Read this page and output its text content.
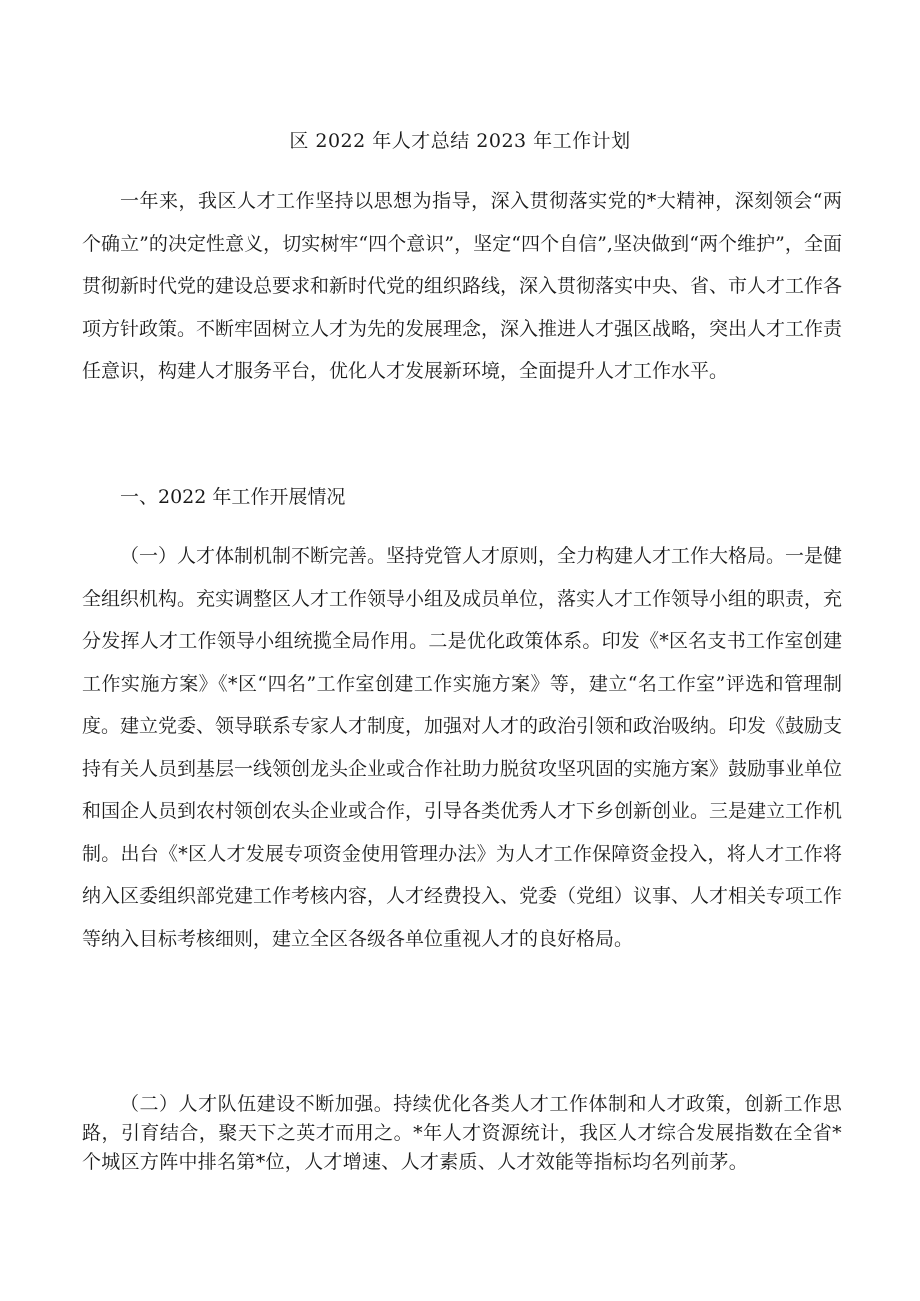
区 2022 年人才总结 2023 年工作计划

一年来，我区人才工作坚持以思想为指导，深入贯彻落实党的*大精神，深刻领会“两个确立”的决定性意义，切实树牢“四个意识”，坚定“四个自信”,坚决做到“两个维护”，全面贯彻新时代党的建设总要求和新时代党的组织路线，深入贯彻落实中央、省、市人才工作各项方针政策。不断牢固树立人才为先的发展理念，深入推进人才强区战略，突出人才工作责任意识，构建人才服务平台，优化人才发展新环境，全面提升人才工作水平。

一、2022 年工作开展情况

（一）人才体制机制不断完善。坚持党管人才原则，全力构建人才工作大格局。一是健全组织机构。充实调整区人才工作领导小组及成员单位，落实人才工作领导小组的职责，充分发挥人才工作领导小组统揽全局作用。二是优化政策体系。印发《*区名支书工作室创建工作实施方案》《*区“四名”工作室创建工作实施方案》等，建立“名工作室”评选和管理制度。建立党委、领导联系专家人才制度，加强对人才的政治引领和政治吸纳。印发《鼓励支持有关人员到基层一线领创龙头企业或合作社助力脱贫攻坚巩固的实施方案》鼓励事业单位和国企人员到农村领创农头企业或合作，引导各类优秀人才下乡创新创业。三是建立工作机制。出台《*区人才发展专项资金使用管理办法》为人才工作保障资金投入，将人才工作将纳入区委组织部党建工作考核内容，人才经费投入、党委（党组）议事、人才相关专项工作等纳入目标考核细则，建立全区各级各单位重视人才的良好格局。

（二）人才队伍建设不断加强。持续优化各类人才工作体制和人才政策，创新工作思路，引育结合，聚天下之英才而用之。*年人才资源统计，我区人才综合发展指数在全省*个城区方阵中排名第*位，人才增速、人才素质、人才效能等指标均名列前茅。
